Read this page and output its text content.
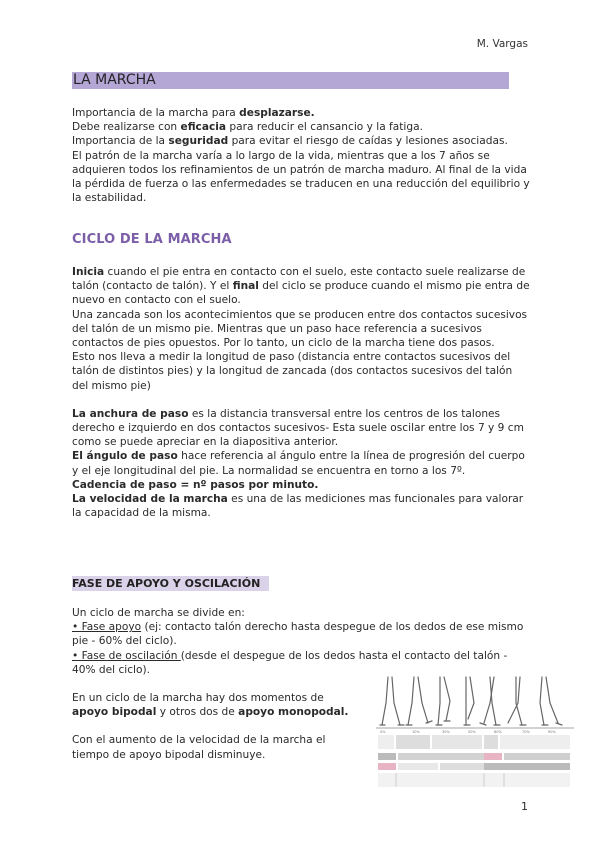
M. Vargas
LA MARCHA

Importancia de la marcha para desplazarse.

Debe realizarse con eficacia para reducir el cansancio y la fatiga.

Importancia de la seguridad para evitar el riesgo de caídas y lesiones asociadas.

El patrón de la marcha varía a lo largo de la vida, mientras que a los 7 años se adquieren todos los refinamientos de un patrón de marcha maduro. Al final de la vida la pérdida de fuerza o las enfermedades se traducen en una reducción del equilibrio y la estabilidad.

CICLO DE LA MARCHA

Inicia cuando el pie entra en contacto con el suelo, este contacto suele realizarse de talón (contacto de talón). Y el final del ciclo se produce cuando el mismo pie entra de nuevo en contacto con el suelo.

Una zancada son los acontecimientos que se producen entre dos contactos sucesivos del talón de un mismo pie. Mientras que un paso hace referencia a sucesivos contactos de pies opuestos. Por lo tanto, un ciclo de la marcha tiene dos pasos.

Esto nos lleva a medir la longitud de paso (distancia entre contactos sucesivos del talón de distintos pies) y la longitud de zancada (dos contactos sucesivos del talón del mismo pie)

La anchura de paso es la distancia transversal entre los centros de los talones derecho e izquierdo en dos contactos sucesivos- Esta suele oscilar entre los 7 y 9 cm como se puede apreciar en la diapositiva anterior.

El ángulo de paso hace referencia al ángulo entre la línea de progresión del cuerpo y el eje longitudinal del pie. La normalidad se encuentra en torno a los 7º.

Cadencia de paso = nº pasos por minuto.

La velocidad de la marcha es una de las mediciones mas funcionales para valorar la capacidad de la misma.

FASE DE APOYO Y OSCILACIÓN

Un ciclo de marcha se divide en:

• Fase apoyo (ej: contacto talón derecho hasta despegue de los dedos de ese mismo pie - 60% del ciclo).

• Fase de oscilación (desde el despegue de los dedos hasta el contacto del talón - 40% del ciclo).

En un ciclo de la marcha hay dos momentos de apoyo bipodal y otros dos de apoyo monopodal.

Con el aumento de la velocidad de la marcha el tiempo de apoyo bipodal disminuye.

0%	10%	30%	50%	60%	70%	90%
1
